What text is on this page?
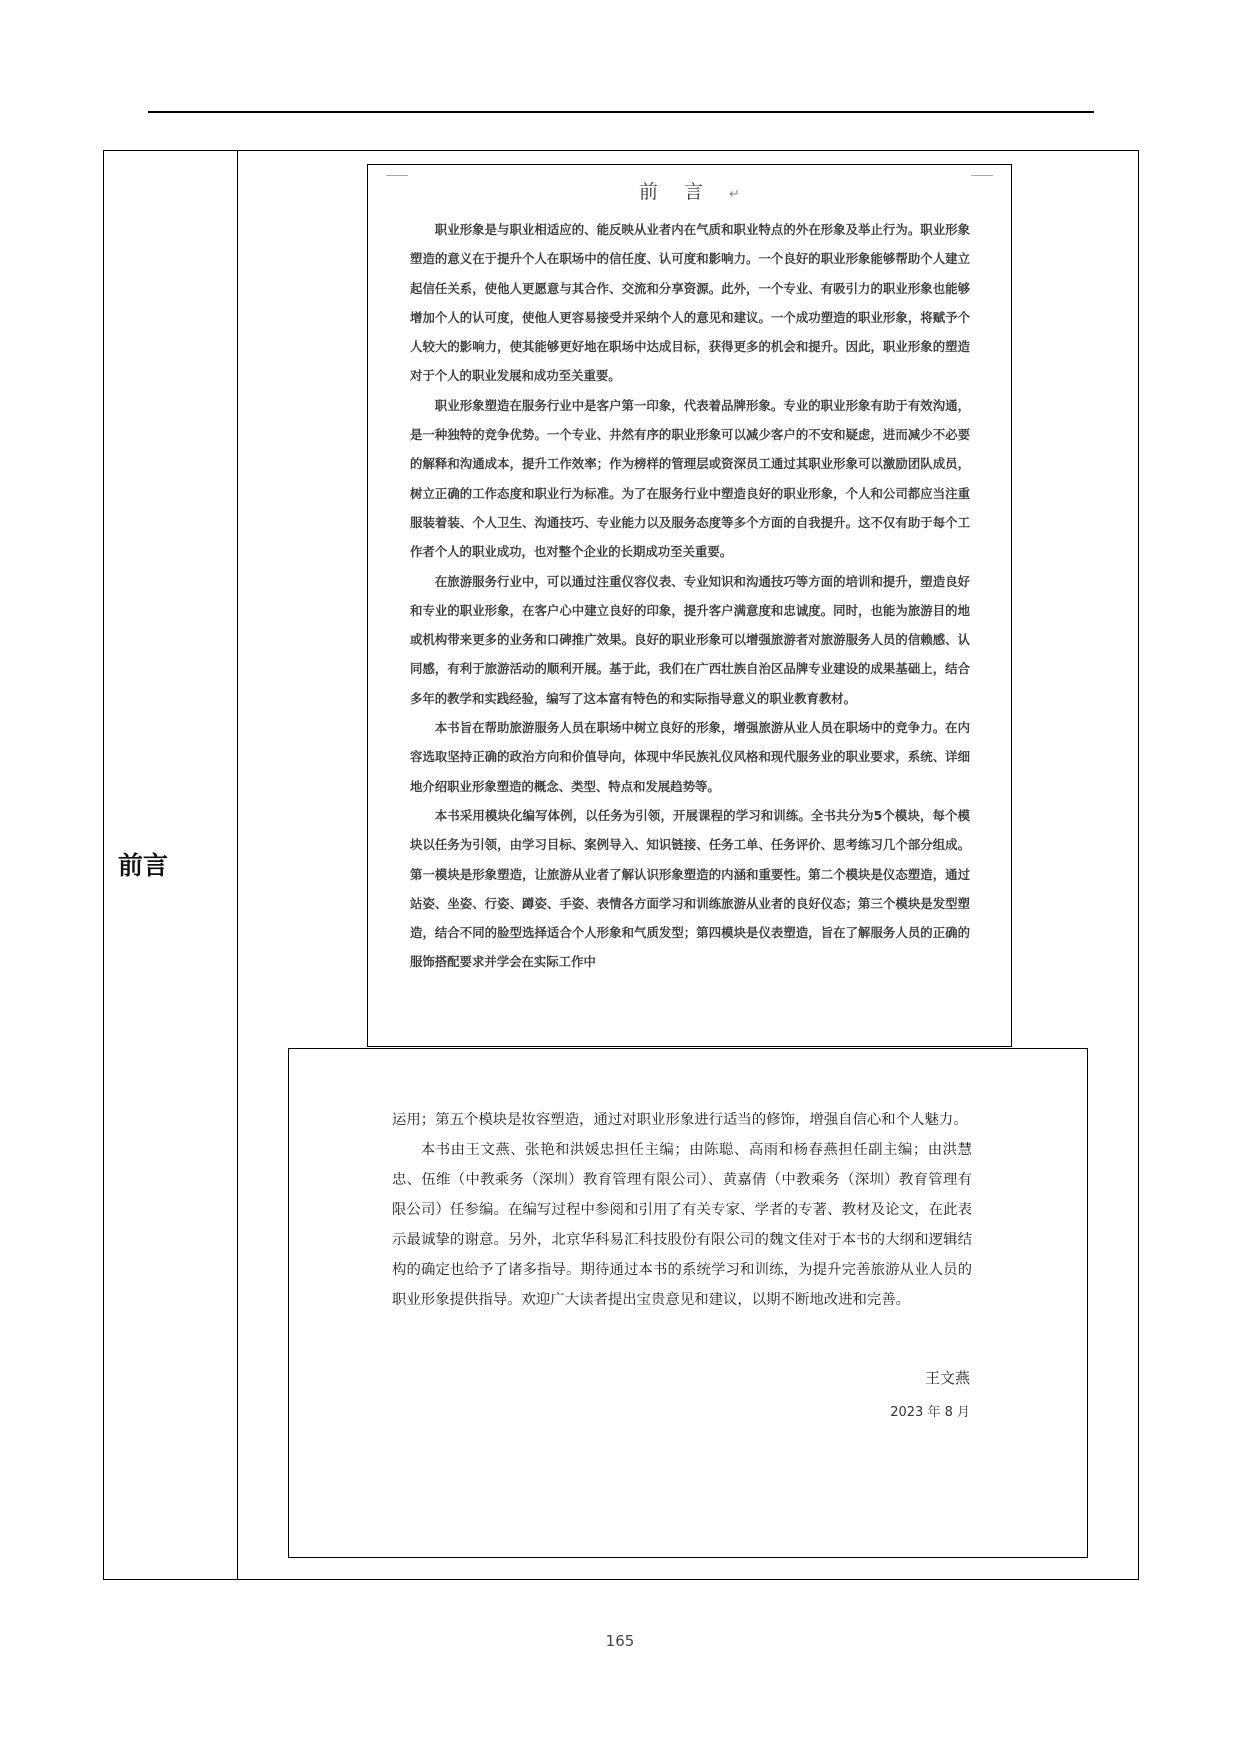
前言
前言↵

职业形象是与职业相适应的、能反映从业者内在气质和职业特点的外在形象及举止行为。职业形象塑造的意义在于提升个人在职场中的信任度、认可度和影响力。一个良好的职业形象能够帮助个人建立起信任关系，使他人更愿意与其合作、交流和分享资源。此外，一个专业、有吸引力的职业形象也能够增加个人的认可度，使他人更容易接受并采纳个人的意见和建议。一个成功塑造的职业形象，将赋予个人较大的影响力，使其能够更好地在职场中达成目标，获得更多的机会和提升。因此，职业形象的塑造对于个人的职业发展和成功至关重要。

职业形象塑造在服务行业中是客户第一印象，代表着品牌形象。专业的职业形象有助于有效沟通，是一种独特的竞争优势。一个专业、井然有序的职业形象可以减少客户的不安和疑虑，进而减少不必要的解释和沟通成本，提升工作效率；作为榜样的管理层或资深员工通过其职业形象可以激励团队成员，树立正确的工作态度和职业行为标准。为了在服务行业中塑造良好的职业形象，个人和公司都应当注重服装着装、个人卫生、沟通技巧、专业能力以及服务态度等多个方面的自我提升。这不仅有助于每个工作者个人的职业成功，也对整个企业的长期成功至关重要。

在旅游服务行业中，可以通过注重仪容仪表、专业知识和沟通技巧等方面的培训和提升，塑造良好和专业的职业形象，在客户心中建立良好的印象，提升客户满意度和忠诚度。同时，也能为旅游目的地或机构带来更多的业务和口碑推广效果。良好的职业形象可以增强旅游者对旅游服务人员的信赖感、认同感，有利于旅游活动的顺利开展。基于此，我们在广西壮族自治区品牌专业建设的成果基础上，结合多年的教学和实践经验，编写了这本富有特色的和实际指导意义的职业教育教材。

本书旨在帮助旅游服务人员在职场中树立良好的形象，增强旅游从业人员在职场中的竞争力。在内容选取坚持正确的政治方向和价值导向，体现中华民族礼仪风格和现代服务业的职业要求，系统、详细地介绍职业形象塑造的概念、类型、特点和发展趋势等。

本书采用模块化编写体例，以任务为引领，开展课程的学习和训练。全书共分为5个模块，每个模块以任务为引领，由学习目标、案例导入、知识链接、任务工单、任务评价、思考练习几个部分组成。第一模块是形象塑造，让旅游从业者了解认识形象塑造的内涵和重要性。第二个模块是仪态塑造，通过站姿、坐姿、行姿、蹲姿、手姿、表情各方面学习和训练旅游从业者的良好仪态；第三个模块是发型塑造，结合不同的脸型选择适合个人形象和气质发型；第四模块是仪表塑造，旨在了解服务人员的正确的服饰搭配要求并学会在实际工作中

运用；第五个模块是妆容塑造，通过对职业形象进行适当的修饰，增强自信心和个人魅力。

本书由王文燕、张艳和洪媛忠担任主编；由陈聪、高雨和杨春燕担任副主编；由洪慧忠、伍维（中教乘务（深圳）教育管理有限公司）、黄嘉倩（中教乘务（深圳）教育管理有限公司）任参编。在编写过程中参阅和引用了有关专家、学者的专著、教材及论文，在此表示最诚挚的谢意。另外，北京华科易汇科技股份有限公司的魏文佳对于本书的大纲和逻辑结构的确定也给予了诸多指导。期待通过本书的系统学习和训练，为提升完善旅游从业人员的职业形象提供指导。欢迎广大读者提出宝贵意见和建议，以期不断地改进和完善。

王文燕
2023 年 8 月
165
